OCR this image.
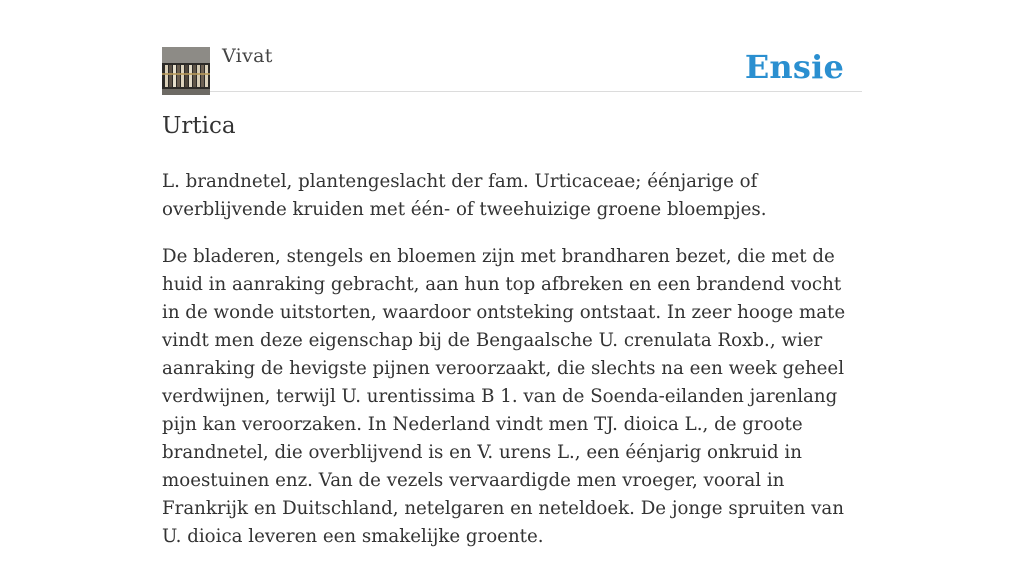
Vivat	Ensie
Urtica

L. brandnetel, plantengeslacht der fam. Urticaceae; éénjarige of overblijvende kruiden met één- of tweehuizige groene bloempjes.

De bladeren, stengels en bloemen zijn met brandharen bezet, die met de huid in aanraking gebracht, aan hun top afbreken en een brandend vocht in de wonde uitstorten, waardoor ontsteking ontstaat. In zeer hooge mate vindt men deze eigenschap bij de Bengaalsche U. crenulata Roxb., wier aanraking de hevigste pijnen veroorzaakt, die slechts na een week geheel verdwijnen, terwijl U. urentissima B 1. van de Soenda-eilanden jarenlang pijn kan veroorzaken. In Nederland vindt men TJ. dioica L., de groote brandnetel, die overblijvend is en V. urens L., een éénjarig onkruid in moestuinen enz. Van de vezels vervaardigde men vroeger, vooral in Frankrijk en Duitschland, netelgaren en neteldoek. De jonge spruiten van U. dioica leveren een smakelijke groente.
